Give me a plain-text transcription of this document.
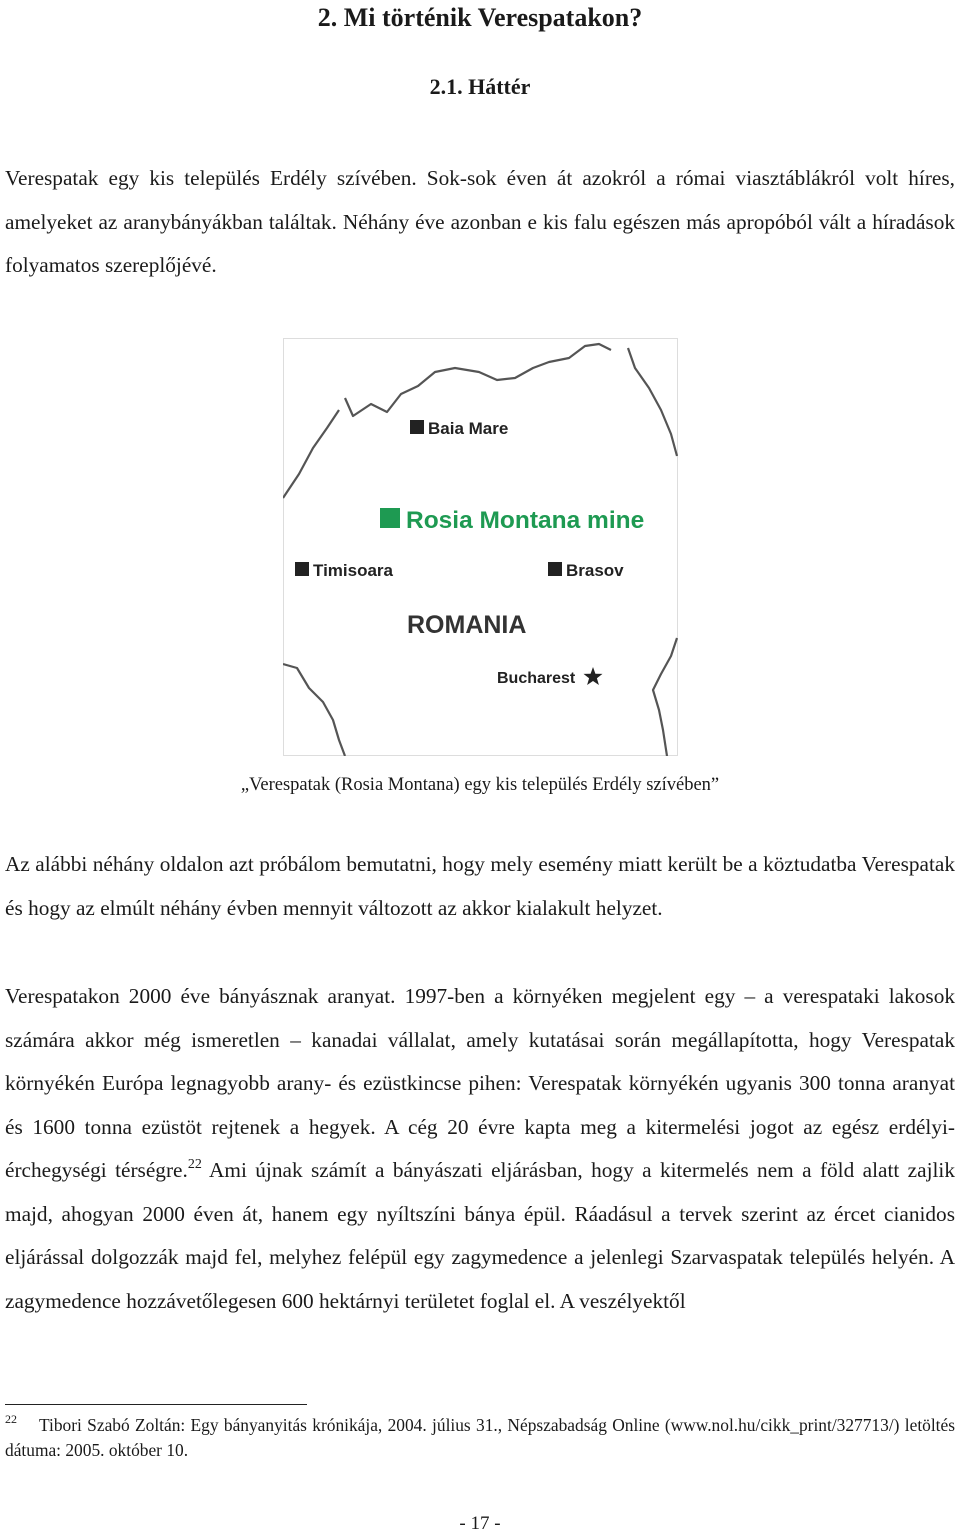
2. Mi történik Verespatakon?
2.1. Háttér

Verespatak egy kis település Erdély szívében. Sok-sok éven át azokról a római viasztáblákról volt híres, amelyeket az aranybányákban találtak. Néhány éve azonban e kis falu egészen más apropóból vált a híradások folyamatos szereplőjévé.

Baia Mare
Rosia Montana mine
Timisoara	Brasov
ROMANIA
Bucharest
„Verespatak (Rosia Montana) egy kis település Erdély szívében”

Az alábbi néhány oldalon azt próbálom bemutatni, hogy mely esemény miatt került be a köztudatba Verespatak és hogy az elmúlt néhány évben mennyit változott az akkor kialakult helyzet.

Verespatakon 2000 éve bányásznak aranyat. 1997-ben a környéken megjelent egy – a verespataki lakosok számára akkor még ismeretlen – kanadai vállalat, amely kutatásai során megállapította, hogy Verespatak környékén Európa legnagyobb arany- és ezüstkincse pihen: Verespatak környékén ugyanis 300 tonna aranyat és 1600 tonna ezüstöt rejtenek a hegyek. A cég 20 évre kapta meg a kitermelési jogot az egész erdélyi-érchegységi térségre.$^{22}$ Ami újnak számít a bányászati eljárásban, hogy a kitermelés nem a föld alatt zajlik majd, ahogyan 2000 éven át, hanem egy nyíltszíni bánya épül. Ráadásul a tervek szerint az ércet cianidos eljárással dolgozzák majd fel, melyhez felépül egy zagymedence a jelenlegi Szarvaspatak település helyén. A zagymedence hozzávetőlegesen 600 hektárnyi területet foglal el. A veszélyektől

$^{22}$ Tibori Szabó Zoltán: Egy bányanyitás krónikája, 2004. július 31., Népszabadság Online (www.nol.hu/cikk_print/327713/) letöltés dátuma: 2005. október 10.

- 17 -
